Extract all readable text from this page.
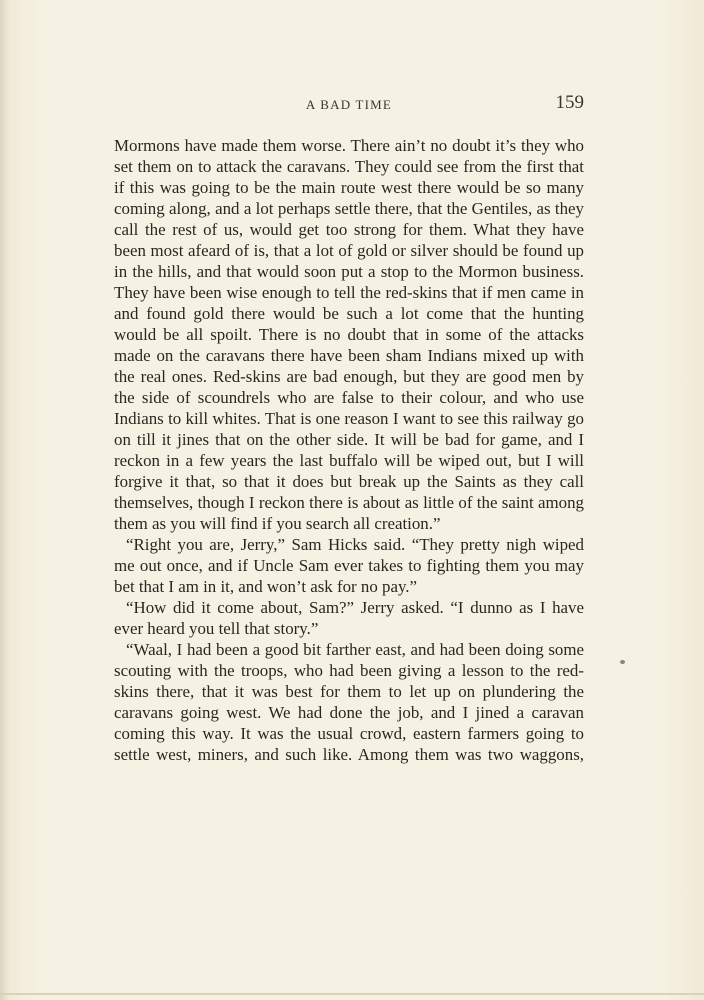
A BAD TIME	159

Mormons have made them worse. There ain’t no doubt it’s they who set them on to attack the caravans. They could see from the first that if this was going to be the main route west there would be so many coming along, and a lot perhaps settle there, that the Gentiles, as they call the rest of us, would get too strong for them. What they have been most afeard of is, that a lot of gold or silver should be found up in the hills, and that would soon put a stop to the Mormon business. They have been wise enough to tell the red-skins that if men came in and found gold there would be such a lot come that the hunting would be all spoilt. There is no doubt that in some of the attacks made on the caravans there have been sham Indians mixed up with the real ones. Red-skins are bad enough, but they are good men by the side of scoundrels who are false to their colour, and who use Indians to kill whites. That is one reason I want to see this railway go on till it jines that on the other side. It will be bad for game, and I reckon in a few years the last buffalo will be wiped out, but I will forgive it that, so that it does but break up the Saints as they call themselves, though I reckon there is about as little of the saint among them as you will find if you search all creation.”

“Right you are, Jerry,” Sam Hicks said. “They pretty nigh wiped me out once, and if Uncle Sam ever takes to fighting them you may bet that I am in it, and won’t ask for no pay.”

“How did it come about, Sam?” Jerry asked. “I dunno as I have ever heard you tell that story.”

“Waal, I had been a good bit farther east, and had been doing some scouting with the troops, who had been giving a lesson to the red-skins there, that it was best for them to let up on plundering the caravans going west. We had done the job, and I jined a caravan coming this way. It was the usual crowd, eastern farmers going to settle west, miners, and such like. Among them was two waggons,
